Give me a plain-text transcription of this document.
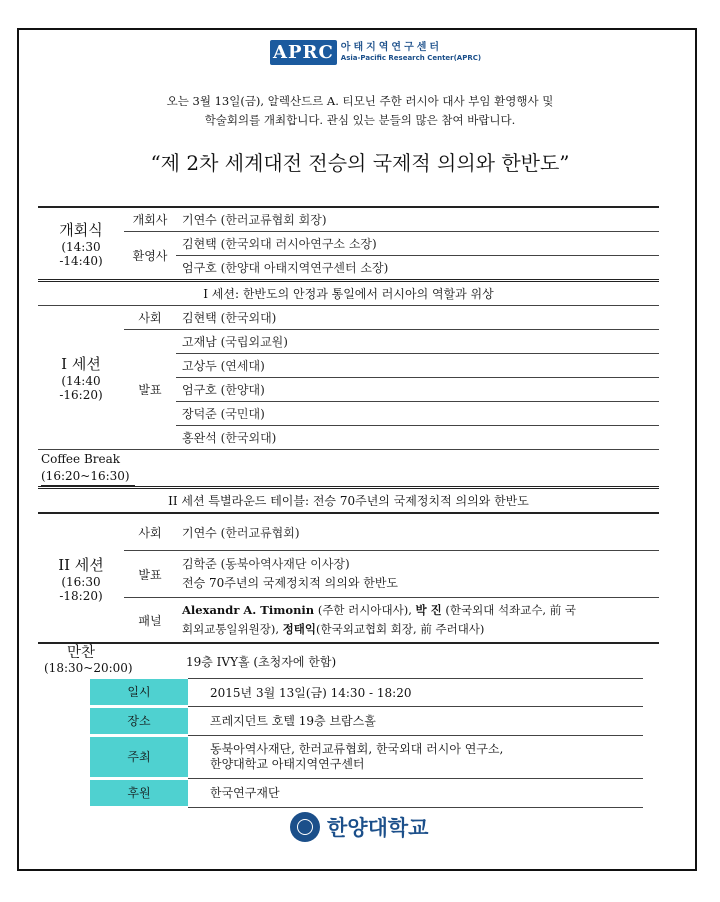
APRC 아태지역연구센터
Asia-Pacific Research Center(APRC)
오는 3월 13일(금), 알렉산드르 A. 티모닌 주한 러시아 대사 부임 환영행사 및
학술회의를 개최합니다. 관심 있는 분들의 많은 참여 바랍니다.
“제 2차 세계대전 전승의 국제적 의의와 한반도”
개회식
(14:30
-14:40)	개회사	기연수 (한러교류협회 회장)
	환영사	김현택 (한국외대 러시아연구소 소장)
		엄구호 (한양대 아태지역연구센터 소장)
I 세션: 한반도의 안정과 통일에서 러시아의 역할과 위상		

I 세션
(14:40
-16:20)	사회	김현택 (한국외대)
	발표	고재남 (국립외교원)
		고상두 (연세대)
		엄구호 (한양대)
		장덕준 (국민대)
		홍완석 (한국외대)

Coffee Break
(16:20~16:30)		
II 세션 특별라운드 테이블: 전승 70주년의 국제정치적 의의와 한반도		

II 세션
(16:30
-18:20)	사회	기연수 (한러교류협회)
	발표	김학준 (동북아역사재단 이사장)
전승 70주년의 국제정치적 의의와 한반도

	패널	Alexandr A. Timonin (주한 러시아대사), 박 진 (한국외대 석좌교수, 前 국
회외교통일위원장), 정태익(한국외교협회 회장, 前 주러대사)

만찬
(18:30~20:00)	19층 IVY홀 (초청자에 한함)	
일시	2015년 3월 13일(금) 14:30 - 18:20
장소	프레지던트 호텔 19층 브람스홀
주최	동북아역사재단, 한러교류협회, 한국외대 러시아 연구소,
한양대학교 아태지역연구센터

후원	한국연구재단
한양대학교
